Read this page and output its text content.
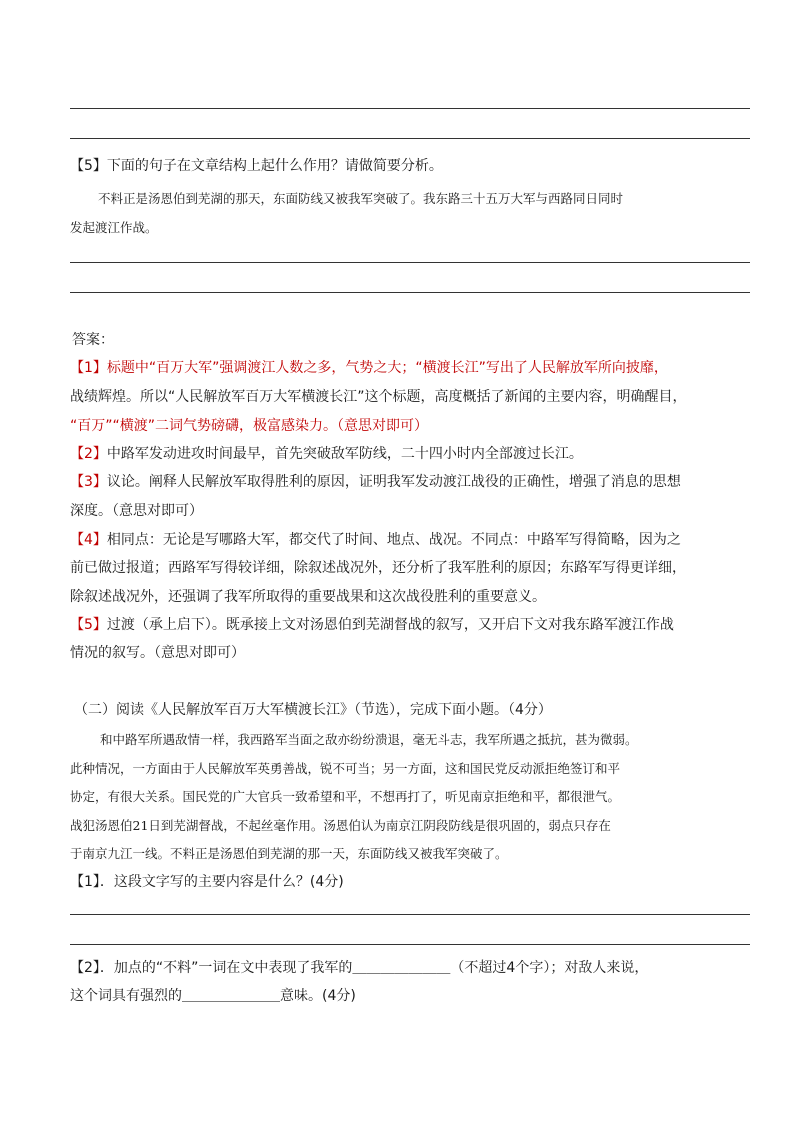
【5】下面的句子在文章结构上起什么作用？请做简要分析。
不料正是汤恩伯到芜湖的那天，东面防线又被我军突破了。我东路三十五万大军与西路同日同时
发起渡江作战。
答案：
【1】标题中“百万大军”强调渡江人数之多，气势之大；“横渡长江”写出了人民解放军所向披靡，
战绩辉煌。所以“人民解放军百万大军横渡长江”这个标题，高度概括了新闻的主要内容，明确醒目，
“百万”“横渡”二词气势磅礴，极富感染力。（意思对即可）
【2】中路军发动进攻时间最早，首先突破敌军防线，二十四小时内全部渡过长江。
【3】议论。阐释人民解放军取得胜利的原因，证明我军发动渡江战役的正确性，增强了消息的思想
深度。（意思对即可）
【4】相同点：无论是写哪路大军，都交代了时间、地点、战况。不同点：中路军写得简略，因为之
前已做过报道；西路军写得较详细，除叙述战况外，还分析了我军胜利的原因；东路军写得更详细，
除叙述战况外，还强调了我军所取得的重要战果和这次战役胜利的重要意义。
【5】过渡（承上启下）。既承接上文对汤恩伯到芜湖督战的叙写，又开启下文对我东路军渡江作战
情况的叙写。（意思对即可）
（二）阅读《人民解放军百万大军横渡长江》（节选），完成下面小题。（4分）
和中路军所遇敌情一样，我西路军当面之敌亦纷纷溃退，毫无斗志，我军所遇之抵抗，甚为微弱。
此种情况，一方面由于人民解放军英勇善战，锐不可当；另一方面，这和国民党反动派拒绝签订和平
协定，有很大关系。国民党的广大官兵一致希望和平，不想再打了，听见南京拒绝和平，都很泄气。
战犯汤恩伯21日到芜湖督战，不起丝毫作用。汤恩伯认为南京江阴段防线是很巩固的，弱点只存在
于南京九江一线。不料正是汤恩伯到芜湖的那一天，东面防线又被我军突破了。
【1】．这段文字写的主要内容是什么？(4分)
【2】．加点的“不料”一词在文中表现了我军的＿＿＿＿＿＿＿（不超过4个字）；对敌人来说，
这个词具有强烈的＿＿＿＿＿＿＿意味。(4分)
